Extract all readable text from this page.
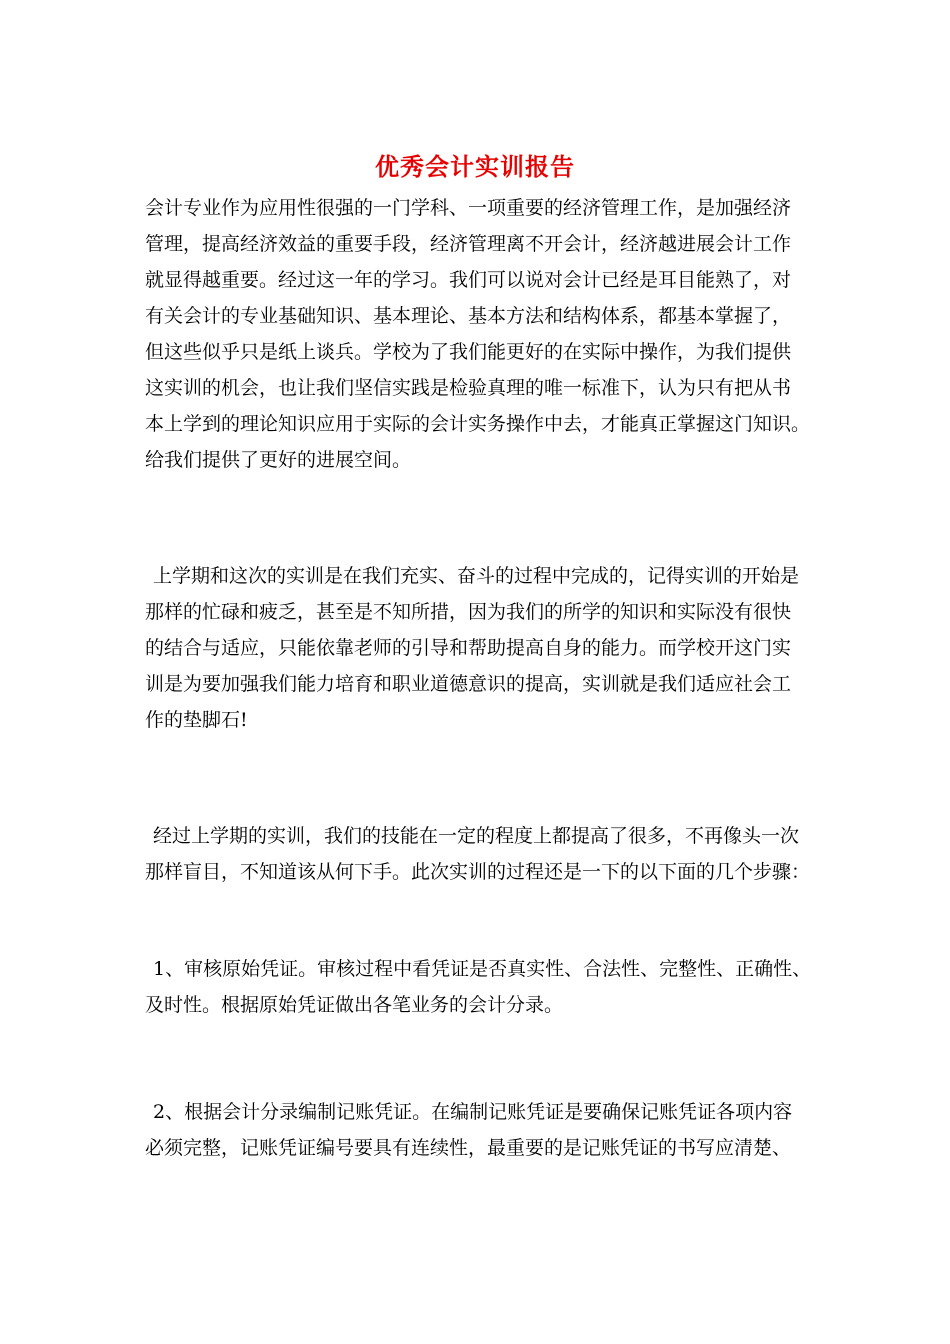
优秀会计实训报告
会计专业作为应用性很强的一门学科、一项重要的经济管理工作，是加强经济
管理，提高经济效益的重要手段，经济管理离不开会计，经济越进展会计工作
就显得越重要。经过这一年的学习。我们可以说对会计已经是耳目能熟了，对
有关会计的专业基础知识、基本理论、基本方法和结构体系，都基本掌握了，
但这些似乎只是纸上谈兵。学校为了我们能更好的在实际中操作，为我们提供
这实训的机会，也让我们坚信实践是检验真理的唯一标准下，认为只有把从书
本上学到的理论知识应用于实际的会计实务操作中去，才能真正掌握这门知识。
给我们提供了更好的进展空间。
上学期和这次的实训是在我们充实、奋斗的过程中完成的，记得实训的开始是
那样的忙碌和疲乏，甚至是不知所措，因为我们的所学的知识和实际没有很快
的结合与适应，只能依靠老师的引导和帮助提高自身的能力。而学校开这门实
训是为要加强我们能力培育和职业道德意识的提高，实训就是我们适应社会工
作的垫脚石!
经过上学期的实训，我们的技能在一定的程度上都提高了很多，不再像头一次
那样盲目，不知道该从何下手。此次实训的过程还是一下的以下面的几个步骤：
1、审核原始凭证。审核过程中看凭证是否真实性、合法性、完整性、正确性、
及时性。根据原始凭证做出各笔业务的会计分录。
2、根据会计分录编制记账凭证。在编制记账凭证是要确保记账凭证各项内容
必须完整，记账凭证编号要具有连续性，最重要的是记账凭证的书写应清楚、
